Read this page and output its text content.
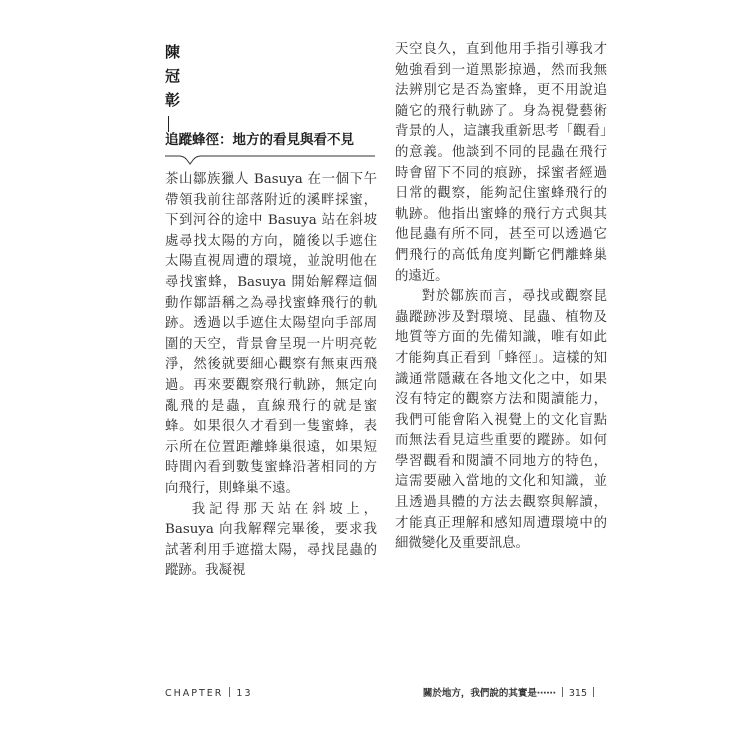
陳
冠
彰
追蹤蜂徑：地方的看見與看不見

茶山鄒族獵人 Basuya 在一個下午帶領我前往部落附近的溪畔採蜜，下到河谷的途中 Basuya 站在斜坡處尋找太陽的方向，隨後以手遮住太陽直視周遭的環境，並說明他在尋找蜜蜂，Basuya 開始解釋這個動作鄒語稱之為尋找蜜蜂飛行的軌跡。透過以手遮住太陽望向手部周圍的天空，背景會呈現一片明亮乾淨，然後就要細心觀察有無東西飛過。再來要觀察飛行軌跡，無定向亂飛的是蟲，直線飛行的就是蜜蜂。如果很久才看到一隻蜜蜂，表示所在位置距離蜂巢很遠，如果短時間內看到數隻蜜蜂沿著相同的方向飛行，則蜂巢不遠。

我記得那天站在斜坡上，Basuya 向我解釋完畢後，要求我試著利用手遮擋太陽，尋找昆蟲的蹤跡。我凝視

天空良久，直到他用手指引導我才勉強看到一道黑影掠過，然而我無法辨別它是否為蜜蜂，更不用說追隨它的飛行軌跡了。身為視覺藝術背景的人，這讓我重新思考「觀看」的意義。他談到不同的昆蟲在飛行時會留下不同的痕跡，採蜜者經過日常的觀察，能夠記住蜜蜂飛行的軌跡。他指出蜜蜂的飛行方式與其他昆蟲有所不同，甚至可以透過它們飛行的高低角度判斷它們離蜂巢的遠近。

對於鄒族而言，尋找或觀察昆蟲蹤跡涉及對環境、昆蟲、植物及地質等方面的先備知識，唯有如此才能夠真正看到「蜂徑」。這樣的知識通常隱藏在各地文化之中，如果沒有特定的觀察方法和閱讀能力，我們可能會陷入視覺上的文化盲點而無法看見這些重要的蹤跡。如何學習觀看和閱讀不同地方的特色，這需要融入當地的文化和知識，並且透過具體的方法去觀察與解讀，才能真正理解和感知周遭環境中的細微變化及重要訊息。

CHAPTER 13	關於地方，我們說的其實是⋯⋯ 315
